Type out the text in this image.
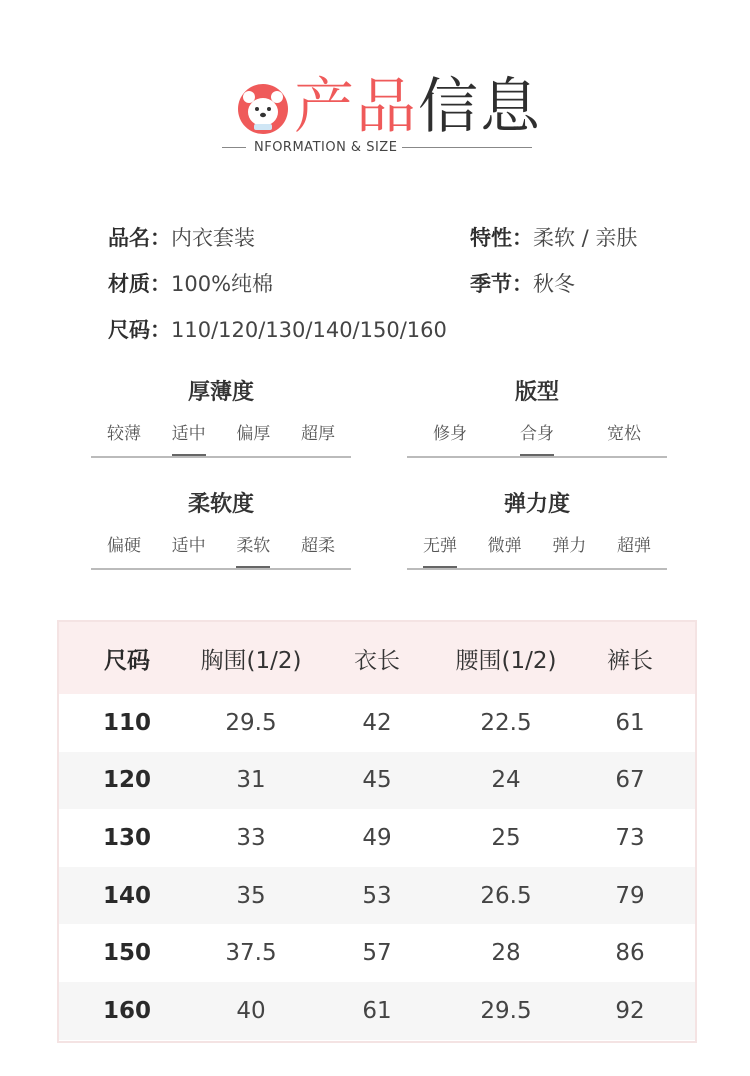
产品信息
NFORMATION & SIZE
品名：内衣套装	特性：柔软 / 亲肤
材质：100%纯棉	季节：秋冬
尺码：110/120/130/140/150/160
厚薄度
较薄 适中 偏厚 超厚
版型
修身	合身	宽松
柔软度
偏硬 适中 柔软 超柔
弹力度
无弹 微弹 弹力 超弹
尺码	胸围(1/2)	衣长	腰围(1/2)	裤长
110	29.5	42	22.5	61
120	31	45	24	67
130	33	49	25	73
140	35	53	26.5	79
150	37.5	57	28	86
160	40	61	29.5	92
